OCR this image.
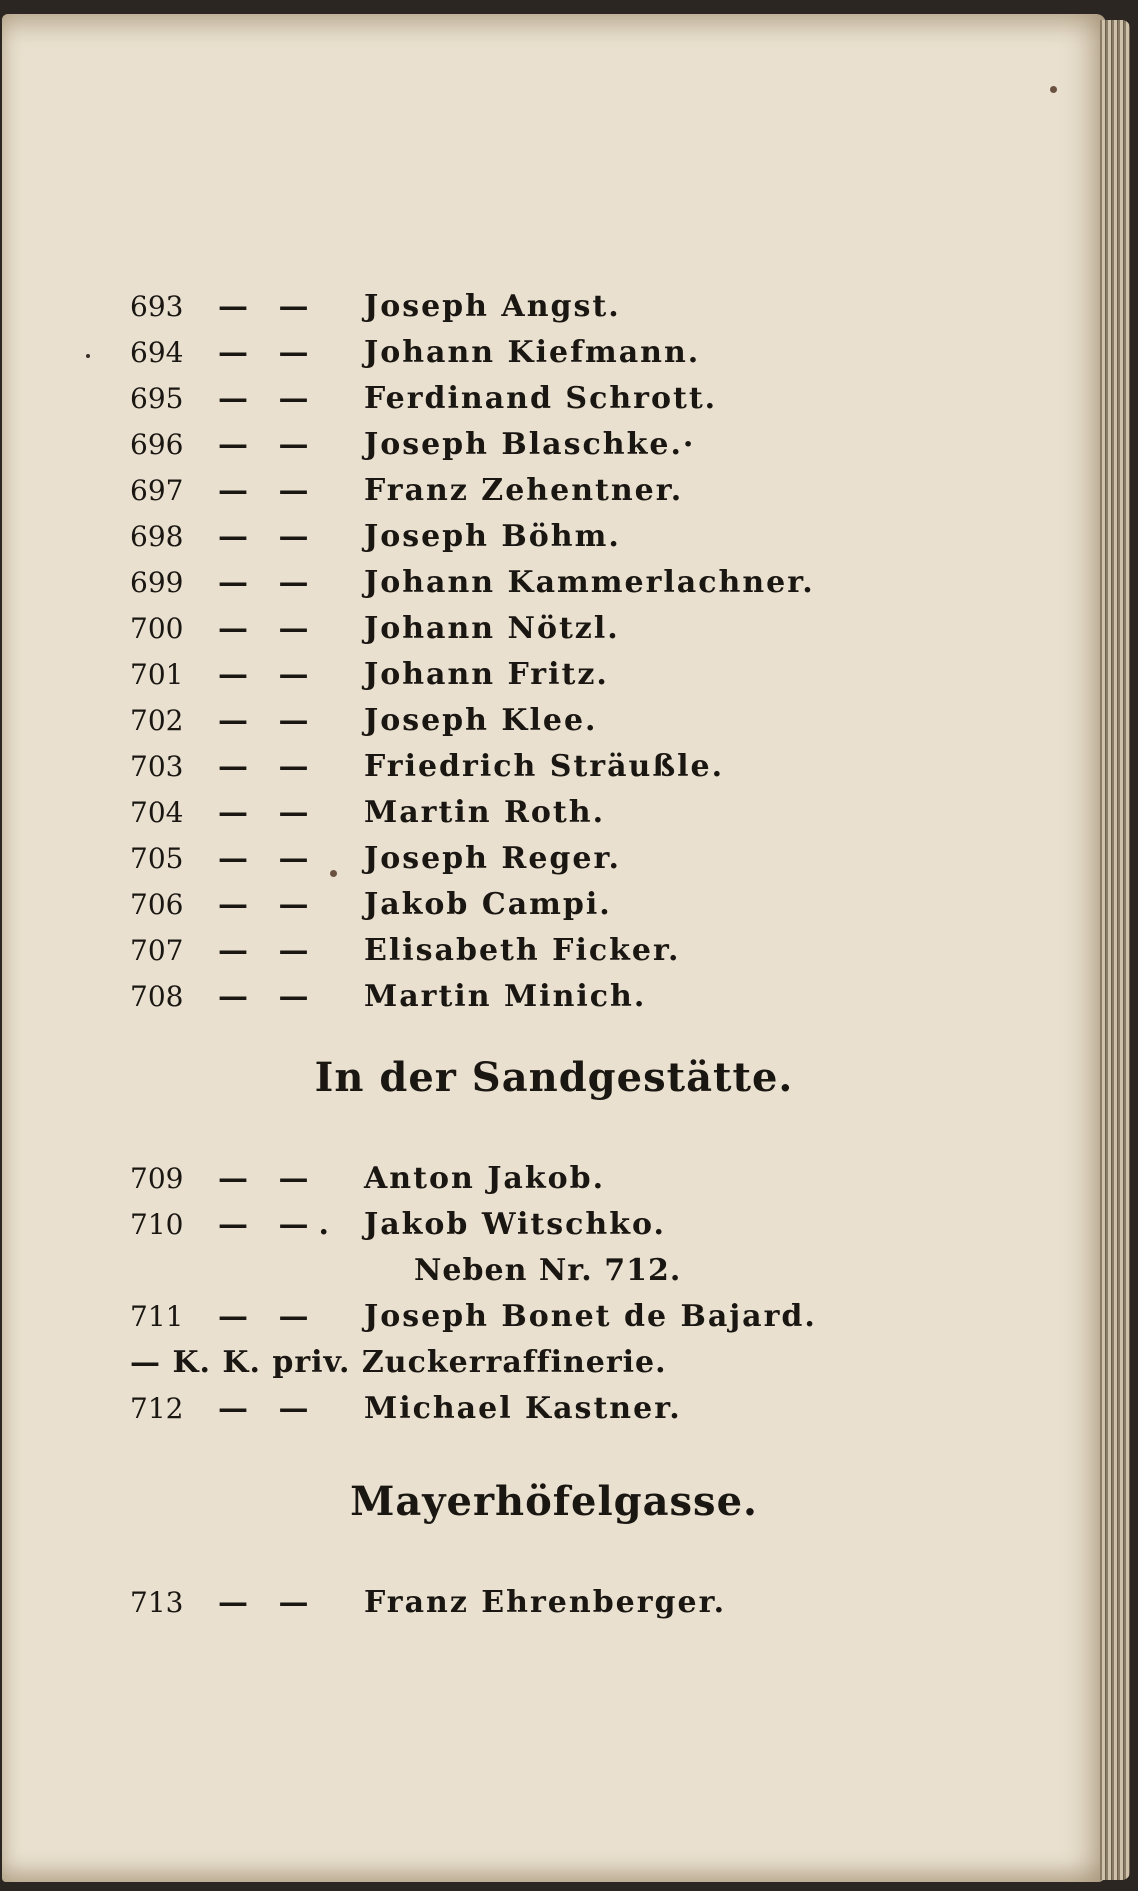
693 — — Joseph Angst.
694 — — Johann Kiefmann.
695 — — Ferdinand Schrott.
696 — — Joseph Blaschke.·
697 — — Franz Zehentner.
698 — — Joseph Böhm.
699 — — Johann Kammerlachner.
700 — — Johann Nötzl.
701 — — Johann Fritz.
702 — — Joseph Klee.
703 — — Friedrich Sträußle.
704 — — Martin Roth.
705 — — Joseph Reger.
706 — — Jakob Campi.
707 — — Elisabeth Ficker.
708 — — Martin Minich.
In der Sandgestätte.
709 — — Anton Jakob.
710 — —. Jakob Witschko.
Neben Nr. 712.
711 — — Joseph Bonet de Bajard.
— K. K. priv. Zuckerraffinerie.
712 — — Michael Kastner.
Mayerhöfelgasse.
713 — — Franz Ehrenberger.
